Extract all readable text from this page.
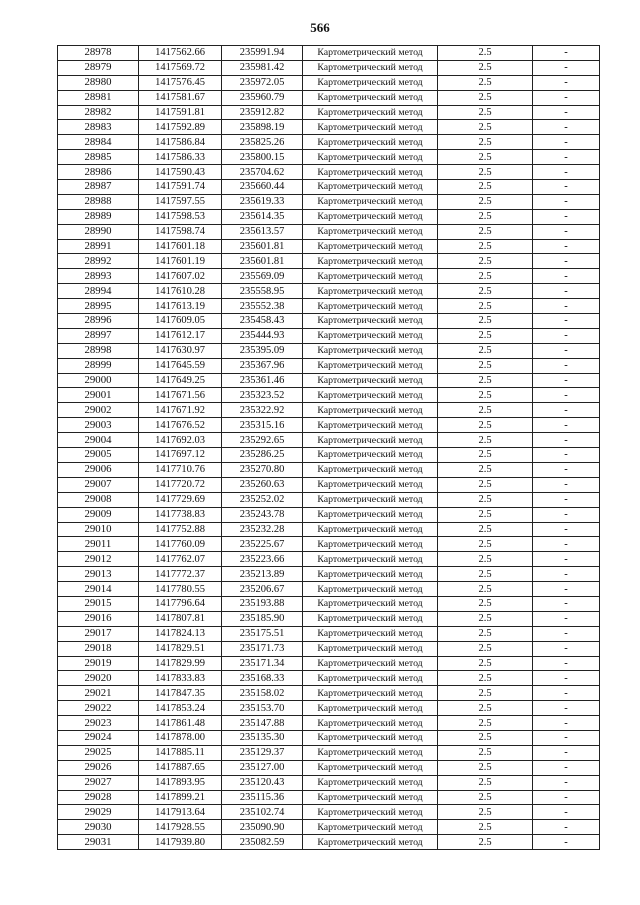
566
28978	1417562.66	235991.94	Картометрический метод	2.5	-
28979	1417569.72	235981.42	Картометрический метод	2.5	-
28980	1417576.45	235972.05	Картометрический метод	2.5	-
28981	1417581.67	235960.79	Картометрический метод	2.5	-
28982	1417591.81	235912.82	Картометрический метод	2.5	-
28983	1417592.89	235898.19	Картометрический метод	2.5	-
28984	1417586.84	235825.26	Картометрический метод	2.5	-
28985	1417586.33	235800.15	Картометрический метод	2.5	-
28986	1417590.43	235704.62	Картометрический метод	2.5	-
28987	1417591.74	235660.44	Картометрический метод	2.5	-
28988	1417597.55	235619.33	Картометрический метод	2.5	-
28989	1417598.53	235614.35	Картометрический метод	2.5	-
28990	1417598.74	235613.57	Картометрический метод	2.5	-
28991	1417601.18	235601.81	Картометрический метод	2.5	-
28992	1417601.19	235601.81	Картометрический метод	2.5	-
28993	1417607.02	235569.09	Картометрический метод	2.5	-
28994	1417610.28	235558.95	Картометрический метод	2.5	-
28995	1417613.19	235552.38	Картометрический метод	2.5	-
28996	1417609.05	235458.43	Картометрический метод	2.5	-
28997	1417612.17	235444.93	Картометрический метод	2.5	-
28998	1417630.97	235395.09	Картометрический метод	2.5	-
28999	1417645.59	235367.96	Картометрический метод	2.5	-
29000	1417649.25	235361.46	Картометрический метод	2.5	-
29001	1417671.56	235323.52	Картометрический метод	2.5	-
29002	1417671.92	235322.92	Картометрический метод	2.5	-
29003	1417676.52	235315.16	Картометрический метод	2.5	-
29004	1417692.03	235292.65	Картометрический метод	2.5	-
29005	1417697.12	235286.25	Картометрический метод	2.5	-
29006	1417710.76	235270.80	Картометрический метод	2.5	-
29007	1417720.72	235260.63	Картометрический метод	2.5	-
29008	1417729.69	235252.02	Картометрический метод	2.5	-
29009	1417738.83	235243.78	Картометрический метод	2.5	-
29010	1417752.88	235232.28	Картометрический метод	2.5	-
29011	1417760.09	235225.67	Картометрический метод	2.5	-
29012	1417762.07	235223.66	Картометрический метод	2.5	-
29013	1417772.37	235213.89	Картометрический метод	2.5	-
29014	1417780.55	235206.67	Картометрический метод	2.5	-
29015	1417796.64	235193.88	Картометрический метод	2.5	-
29016	1417807.81	235185.90	Картометрический метод	2.5	-
29017	1417824.13	235175.51	Картометрический метод	2.5	-
29018	1417829.51	235171.73	Картометрический метод	2.5	-
29019	1417829.99	235171.34	Картометрический метод	2.5	-
29020	1417833.83	235168.33	Картометрический метод	2.5	-
29021	1417847.35	235158.02	Картометрический метод	2.5	-
29022	1417853.24	235153.70	Картометрический метод	2.5	-
29023	1417861.48	235147.88	Картометрический метод	2.5	-
29024	1417878.00	235135.30	Картометрический метод	2.5	-
29025	1417885.11	235129.37	Картометрический метод	2.5	-
29026	1417887.65	235127.00	Картометрический метод	2.5	-
29027	1417893.95	235120.43	Картометрический метод	2.5	-
29028	1417899.21	235115.36	Картометрический метод	2.5	-
29029	1417913.64	235102.74	Картометрический метод	2.5	-
29030	1417928.55	235090.90	Картометрический метод	2.5	-
29031	1417939.80	235082.59	Картометрический метод	2.5	-
